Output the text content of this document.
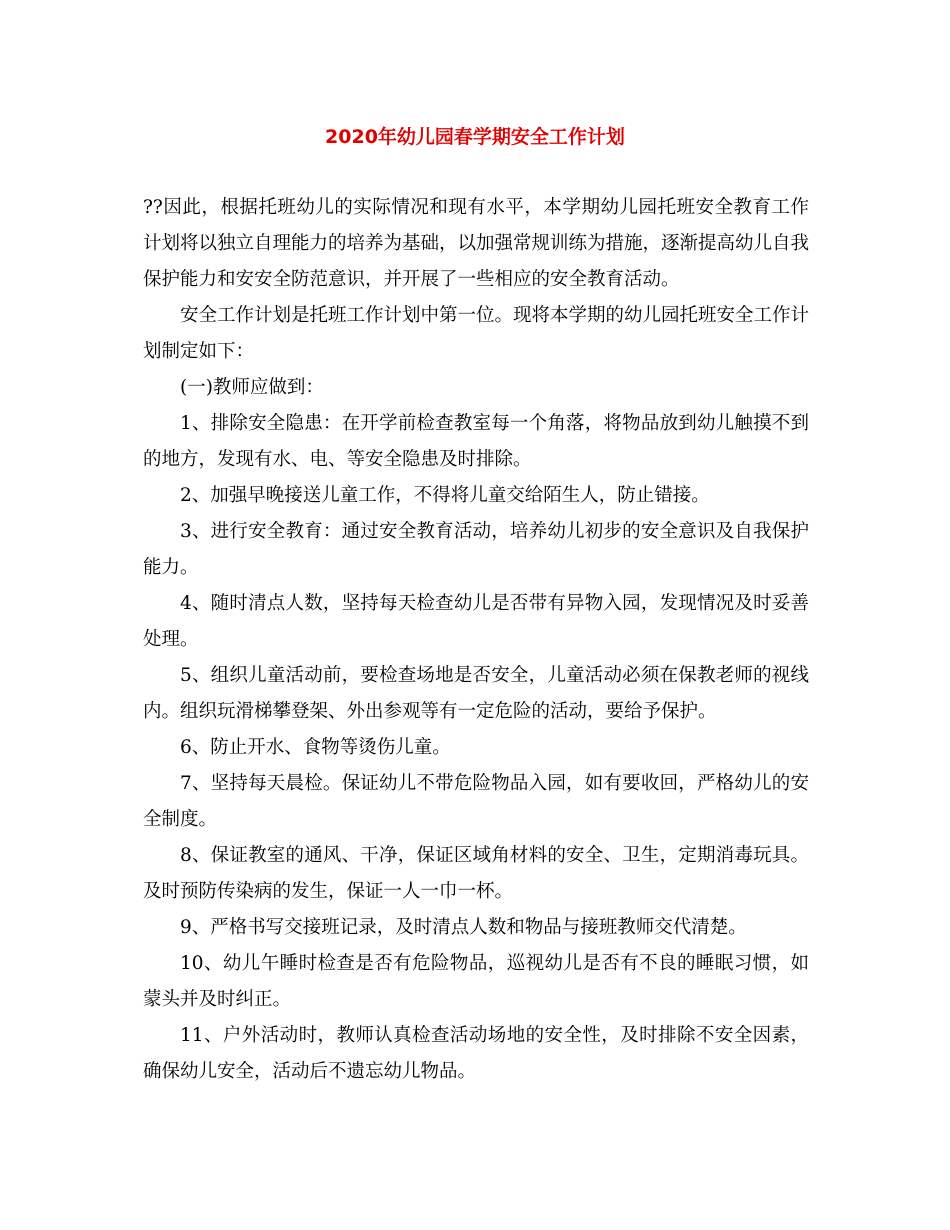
2020年幼儿园春学期安全工作计划

??因此，根据托班幼儿的实际情况和现有水平，本学期幼儿园托班安全教育工作计划将以独立自理能力的培养为基础，以加强常规训练为措施，逐渐提高幼儿自我保护能力和安安全防范意识，并开展了一些相应的安全教育活动。

安全工作计划是托班工作计划中第一位。现将本学期的幼儿园托班安全工作计划制定如下：

(一)教师应做到：

1、排除安全隐患：在开学前检查教室每一个角落，将物品放到幼儿触摸不到的地方，发现有水、电、等安全隐患及时排除。

2、加强早晚接送儿童工作，不得将儿童交给陌生人，防止错接。

3、进行安全教育：通过安全教育活动，培养幼儿初步的安全意识及自我保护能力。

4、随时清点人数，坚持每天检查幼儿是否带有异物入园，发现情况及时妥善处理。

5、组织儿童活动前，要检查场地是否安全，儿童活动必须在保教老师的视线内。组织玩滑梯攀登架、外出参观等有一定危险的活动，要给予保护。

6、防止开水、食物等烫伤儿童。

7、坚持每天晨检。保证幼儿不带危险物品入园，如有要收回，严格幼儿的安全制度。

8、保证教室的通风、干净，保证区域角材料的安全、卫生，定期消毒玩具。及时预防传染病的发生，保证一人一巾一杯。

9、严格书写交接班记录，及时清点人数和物品与接班教师交代清楚。

10、幼儿午睡时检查是否有危险物品，巡视幼儿是否有不良的睡眠习惯，如蒙头并及时纠正。

11、户外活动时，教师认真检查活动场地的安全性，及时排除不安全因素，确保幼儿安全，活动后不遗忘幼儿物品。
